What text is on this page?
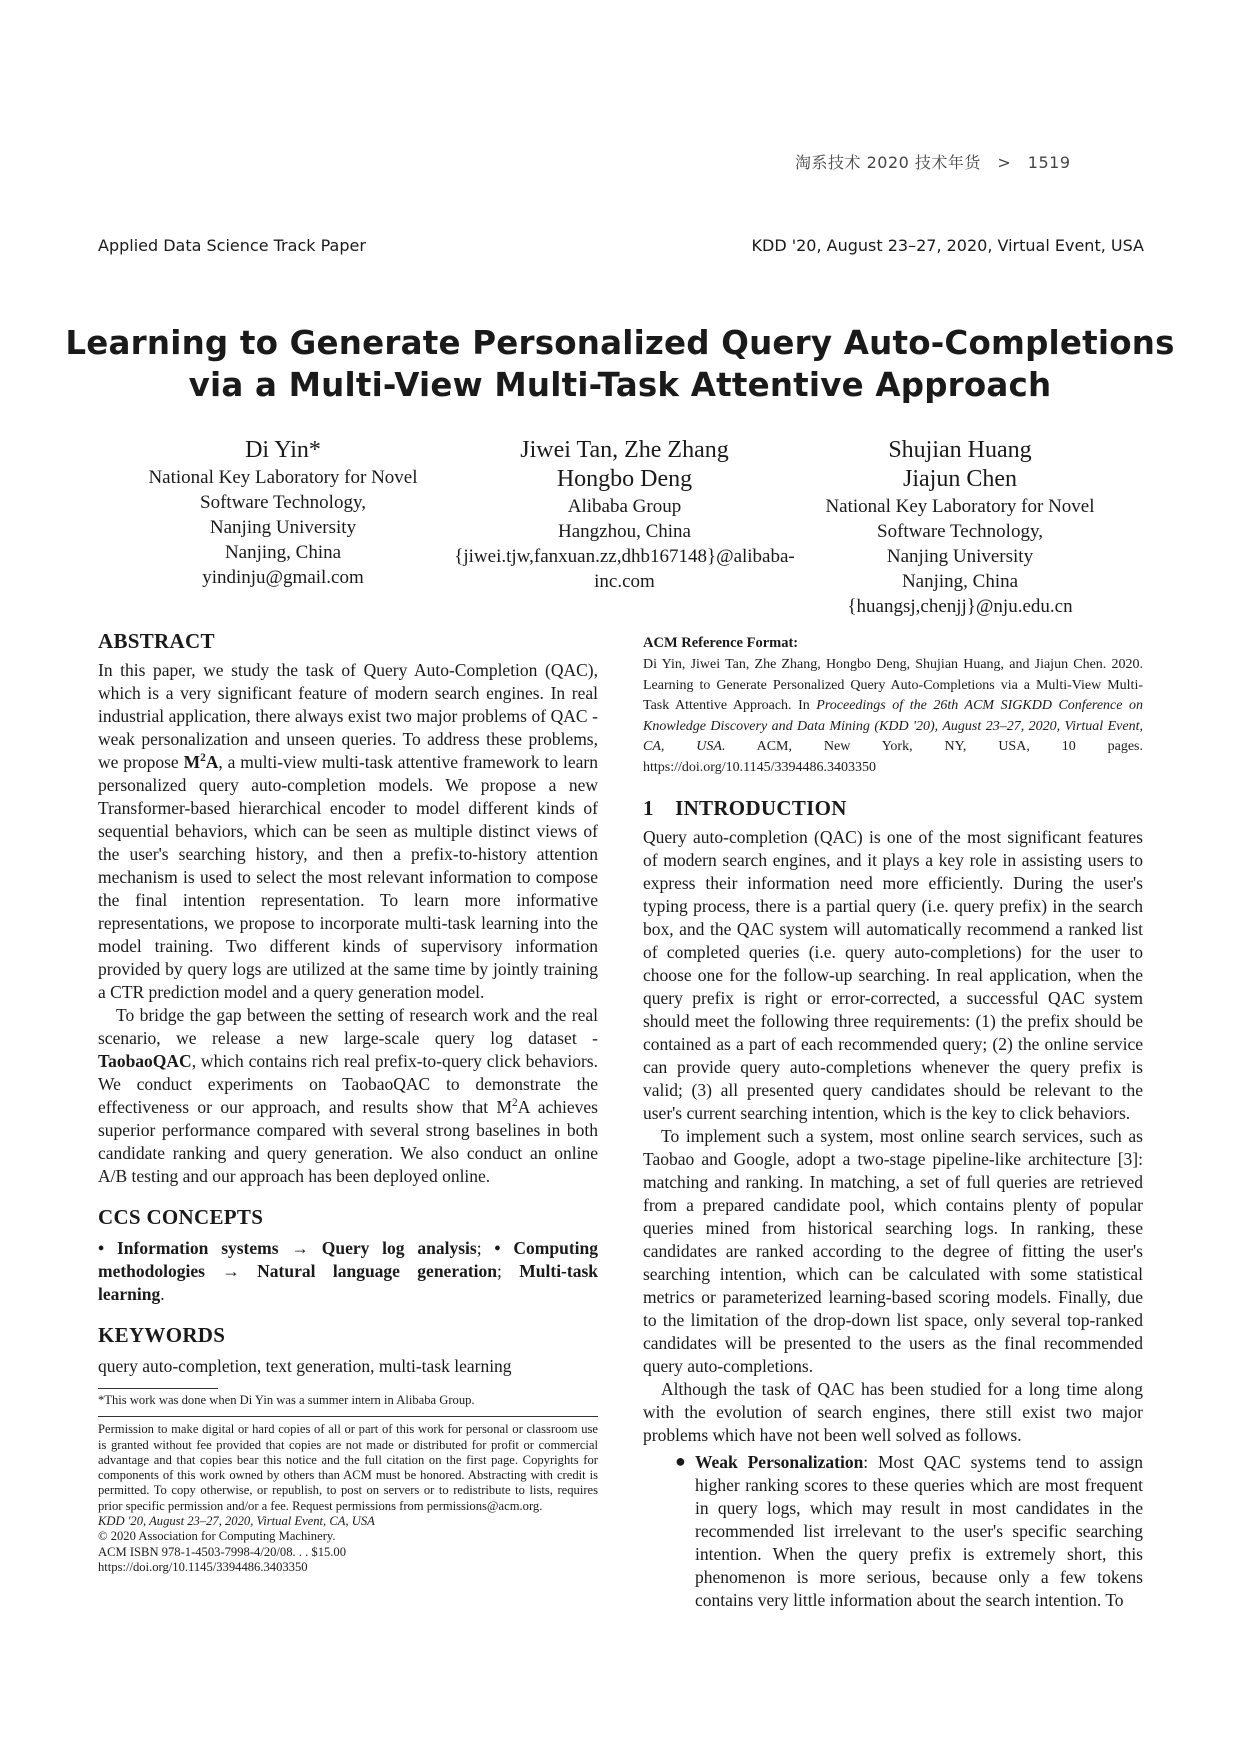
淘系技术 2020 技术年货　>　1519
Applied Data Science Track Paper	KDD '20, August 23–27, 2020, Virtual Event, USA
Learning to Generate Personalized Query Auto-Completions
via a Multi-View Multi-Task Attentive Approach
Di Yin*
National Key Laboratory for Novel
Software Technology,
Nanjing University
Nanjing, China
yindinju@gmail.com
Jiwei Tan, Zhe Zhang
Hongbo Deng
Alibaba Group
Hangzhou, China
{jiwei.tjw,fanxuan.zz,dhb167148}@alibaba-
inc.com
Shujian Huang
Jiajun Chen
National Key Laboratory for Novel
Software Technology,
Nanjing University
Nanjing, China
{huangsj,chenjj}@nju.edu.cn
ABSTRACT

In this paper, we study the task of Query Auto-Completion (QAC), which is a very significant feature of modern search engines. In real industrial application, there always exist two major problems of QAC - weak personalization and unseen queries. To address these problems, we propose $M^2A$, a multi-view multi-task attentive framework to learn personalized query auto-completion models. We propose a new Transformer-based hierarchical encoder to model different kinds of sequential behaviors, which can be seen as multiple distinct views of the user's searching history, and then a prefix-to-history attention mechanism is used to select the most relevant information to compose the final intention representation. To learn more informative representations, we propose to incorporate multi-task learning into the model training. Two different kinds of supervisory information provided by query logs are utilized at the same time by jointly training a CTR prediction model and a query generation model.

To bridge the gap between the setting of research work and the real scenario, we release a new large-scale query log dataset - TaobaoQAC, which contains rich real prefix-to-query click behaviors. We conduct experiments on TaobaoQAC to demonstrate the effectiveness or our approach, and results show that $M^2A$ achieves superior performance compared with several strong baselines in both candidate ranking and query generation. We also conduct an online A/B testing and our approach has been deployed online.

CCS CONCEPTS

• Information systems → Query log analysis; • Computing methodologies → Natural language generation; Multi-task learning.

KEYWORDS

query auto-completion, text generation, multi-task learning

*This work was done when Di Yin was a summer intern in Alibaba Group.
Permission to make digital or hard copies of all or part of this work for personal or classroom use is granted without fee provided that copies are not made or distributed for profit or commercial advantage and that copies bear this notice and the full citation on the first page. Copyrights for components of this work owned by others than ACM must be honored. Abstracting with credit is permitted. To copy otherwise, or republish, to post on servers or to redistribute to lists, requires prior specific permission and/or a fee. Request permissions from permissions@acm.org.
KDD '20, August 23–27, 2020, Virtual Event, CA, USA
© 2020 Association for Computing Machinery.
ACM ISBN 978-1-4503-7998-4/20/08. . . $15.00
https://doi.org/10.1145/3394486.3403350
ACM Reference Format:

Di Yin, Jiwei Tan, Zhe Zhang, Hongbo Deng, Shujian Huang, and Jiajun Chen. 2020. Learning to Generate Personalized Query Auto-Completions via a Multi-View Multi-Task Attentive Approach. In Proceedings of the 26th ACM SIGKDD Conference on Knowledge Discovery and Data Mining (KDD '20), August 23–27, 2020, Virtual Event, CA, USA. ACM, New York, NY, USA, 10 pages. https://doi.org/10.1145/3394486.3403350

1　INTRODUCTION

Query auto-completion (QAC) is one of the most significant features of modern search engines, and it plays a key role in assisting users to express their information need more efficiently. During the user's typing process, there is a partial query (i.e. query prefix) in the search box, and the QAC system will automatically recommend a ranked list of completed queries (i.e. query auto-completions) for the user to choose one for the follow-up searching. In real application, when the query prefix is right or error-corrected, a successful QAC system should meet the following three requirements: (1) the prefix should be contained as a part of each recommended query; (2) the online service can provide query auto-completions whenever the query prefix is valid; (3) all presented query candidates should be relevant to the user's current searching intention, which is the key to click behaviors.

To implement such a system, most online search services, such as Taobao and Google, adopt a two-stage pipeline-like architecture [3]: matching and ranking. In matching, a set of full queries are retrieved from a prepared candidate pool, which contains plenty of popular queries mined from historical searching logs. In ranking, these candidates are ranked according to the degree of fitting the user's searching intention, which can be calculated with some statistical metrics or parameterized learning-based scoring models. Finally, due to the limitation of the drop-down list space, only several top-ranked candidates will be presented to the users as the final recommended query auto-completions.

Although the task of QAC has been studied for a long time along with the evolution of search engines, there still exist two major problems which have not been well solved as follows.

● Weak Personalization: Most QAC systems tend to assign higher ranking scores to these queries which are most frequent in query logs, which may result in most candidates in the recommended list irrelevant to the user's specific searching intention. When the query prefix is extremely short, this phenomenon is more serious, because only a few tokens contains very little information about the search intention. To
